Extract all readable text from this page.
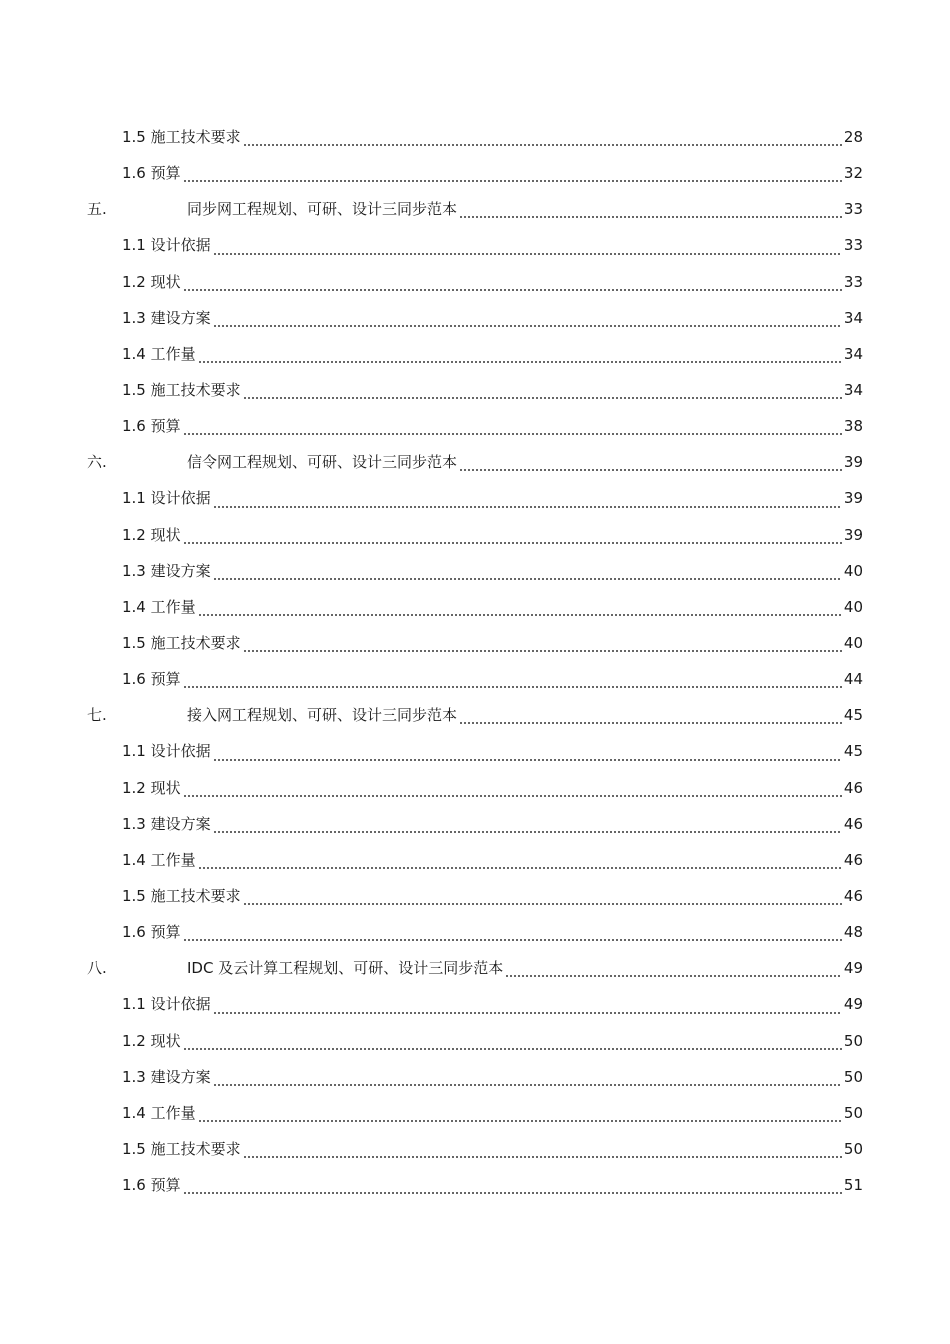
1.5 施工技术要求	28
1.6 预算	32
五.	同步网工程规划、可研、设计三同步范本	33
1.1 设计依据	33
1.2 现状	33
1.3 建设方案	34
1.4 工作量	34
1.5 施工技术要求	34
1.6 预算	38
六.	信令网工程规划、可研、设计三同步范本	39
1.1 设计依据	39
1.2 现状	39
1.3 建设方案	40
1.4 工作量	40
1.5 施工技术要求	40
1.6 预算	44
七.	接入网工程规划、可研、设计三同步范本	45
1.1 设计依据	45
1.2 现状	46
1.3 建设方案	46
1.4 工作量	46
1.5 施工技术要求	46
1.6 预算	48
八.	IDC 及云计算工程规划、可研、设计三同步范本	49
1.1 设计依据	49
1.2 现状	50
1.3 建设方案	50
1.4 工作量	50
1.5 施工技术要求	50
1.6 预算	51
